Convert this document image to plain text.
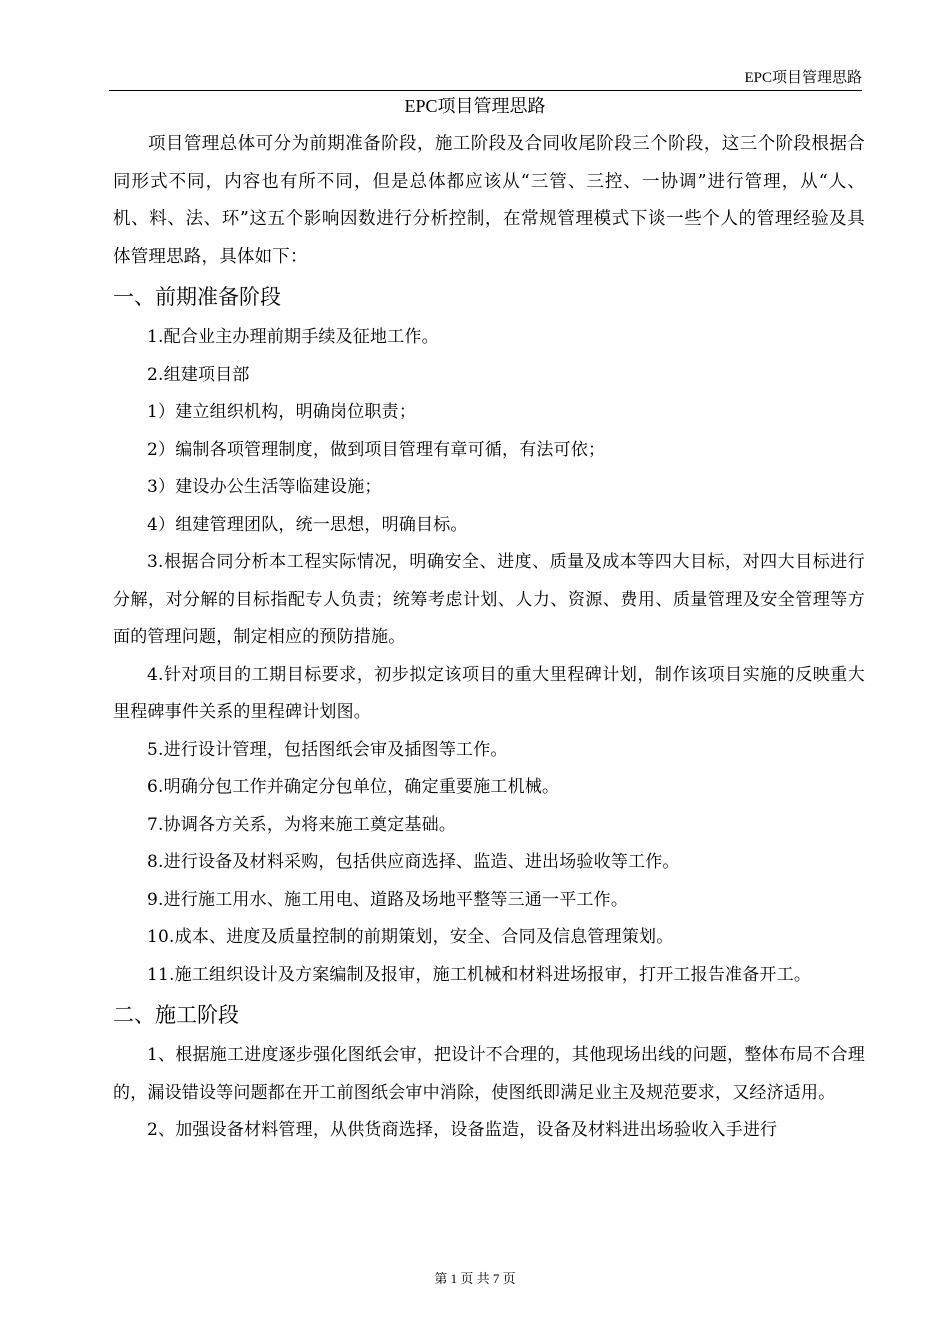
EPC项目管理思路
EPC项目管理思路

项目管理总体可分为前期准备阶段，施工阶段及合同收尾阶段三个阶段，这三个阶段根据合同形式不同，内容也有所不同，但是总体都应该从“三管、三控、一协调”进行管理，从“人、机、料、法、环”这五个影响因数进行分析控制，在常规管理模式下谈一些个人的管理经验及具体管理思路，具体如下：

一、前期准备阶段

1.配合业主办理前期手续及征地工作。

2.组建项目部

1）建立组织机构，明确岗位职责；

2）编制各项管理制度，做到项目管理有章可循，有法可依；

3）建设办公生活等临建设施；

4）组建管理团队，统一思想，明确目标。

3.根据合同分析本工程实际情况，明确安全、进度、质量及成本等四大目标，对四大目标进行分解，对分解的目标指配专人负责；统筹考虑计划、人力、资源、费用、质量管理及安全管理等方面的管理问题，制定相应的预防措施。

4.针对项目的工期目标要求，初步拟定该项目的重大里程碑计划，制作该项目实施的反映重大里程碑事件关系的里程碑计划图。

5.进行设计管理，包括图纸会审及插图等工作。

6.明确分包工作并确定分包单位，确定重要施工机械。

7.协调各方关系，为将来施工奠定基础。

8.进行设备及材料采购，包括供应商选择、监造、进出场验收等工作。

9.进行施工用水、施工用电、道路及场地平整等三通一平工作。

10.成本、进度及质量控制的前期策划，安全、合同及信息管理策划。

11.施工组织设计及方案编制及报审，施工机械和材料进场报审，打开工报告准备开工。

二、施工阶段

1、根据施工进度逐步强化图纸会审，把设计不合理的，其他现场出线的问题，整体布局不合理的，漏设错设等问题都在开工前图纸会审中消除，使图纸即满足业主及规范要求，又经济适用。

2、加强设备材料管理，从供货商选择，设备监造，设备及材料进出场验收入手进行

第 1 页 共 7 页
